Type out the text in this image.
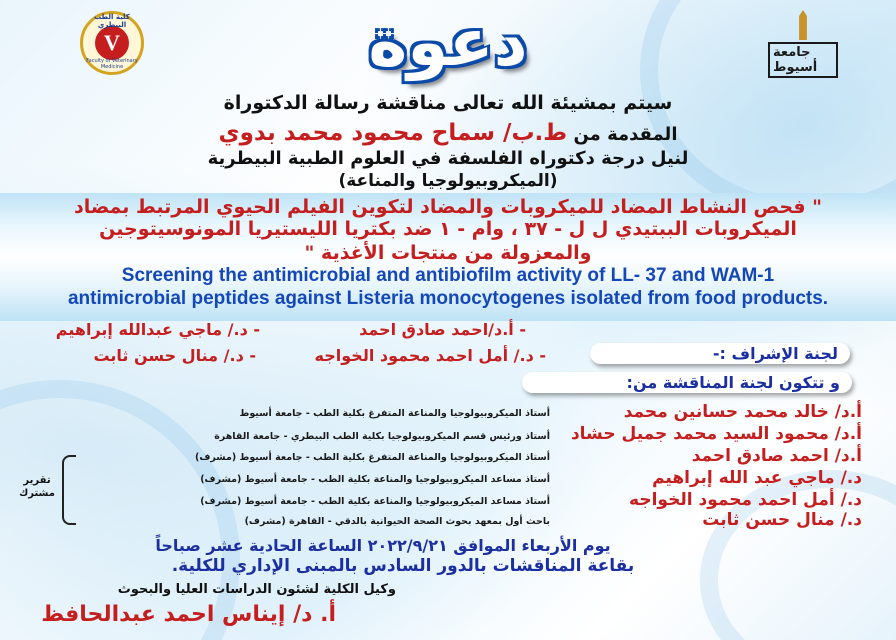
كلية الطب البيطري
V
Faculty of Veterinary Medicine	دعوة	جامعة أسيوط
سيتم بمشيئة الله تعالى مناقشة رسالة الدكتوراة
المقدمة من ط.ب/ سماح محمود محمد بدوي
لنيل درجة دكتوراه الفلسفة في العلوم الطبية البيطرية
(الميكروبيولوجيا والمناعة)
" فحص النشاط المضاد للميكروبات والمضاد لتكوين الفيلم الحيوي المرتبط بمضاد
الميكروبات الببتيدي ل ل - ٣٧ ، وام - ١ ضد بكتريا الليستيريا المونوسيتوجين
والمعزولة من منتجات الأغذية "
Screening the antimicrobial and antibiofilm activity of LL- 37 and WAM-1
antimicrobial peptides against Listeria monocytogenes isolated from food products.
- أ.د/احمد صادق احمد
- د./ ماجي عبدالله إبراهيم
- د./ أمل احمد محمود الخواجه
- د./ منال حسن ثابت	لجنة الإشراف :-
و تتكون لجنة المناقشة من:
أ.د/ خالد محمد حسانين محمد
أستاذ الميكروبيولوجيا والمناعة المتفرغ بكلية الطب - جامعة أسيوط
أ.د/ محمود السيد محمد جميل حشاد
أستاذ ورئيس قسم الميكروبيولوجيا بكلية الطب البيطري - جامعة القاهرة
أ.د/ احمد صادق احمد
أستاذ الميكروبيولوجيا والمناعة المتفرغ بكلية الطب - جامعة أسيوط (مشرف)
د./ ماجي عبد الله إبراهيم
أستاذ مساعد الميكروبيولوجيا والمناعة بكلية الطب - جامعة أسيوط (مشرف)
د./ أمل احمد محمود الخواجه
أستاذ مساعد الميكروبيولوجيا والمناعة بكلية الطب - جامعة أسيوط (مشرف)
د./ منال حسن ثابت
باحث أول بمعهد بحوث الصحة الحيوانية بالدقي - القاهرة (مشرف)
تقرير مشترك
يوم الأربعاء الموافق ٢٠٢٢/٩/٢١ الساعة الحادية عشر صباحاً
بقاعة المناقشات بالدور السادس بالمبنى الإداري للكلية.
وكيل الكلية لشئون الدراسات العليا والبحوث
أ. د/ إيناس احمد عبدالحافظ
